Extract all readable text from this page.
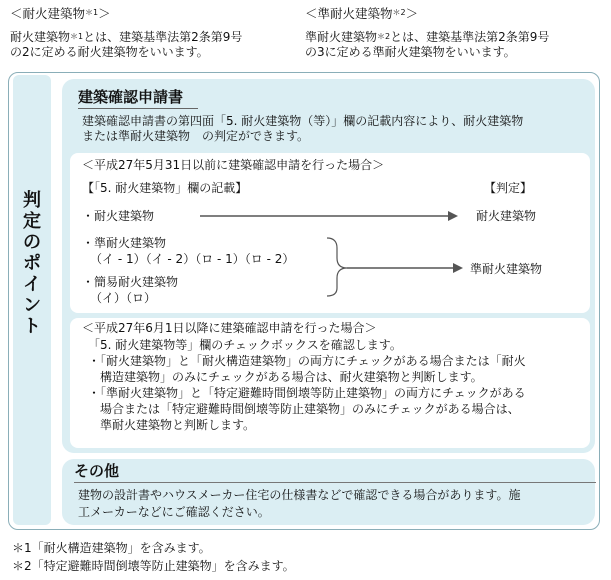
＜耐火建築物$^{*1}$＞
耐火建築物$^{*1}$とは、建築基準法第2条第9号
の2に定める耐火建築物をいいます。
＜準耐火建築物$^{*2}$＞
準耐火建築物$^{*2}$とは、建築基準法第2条第9号
の3に定める準耐火建築物をいいます。
判
定
の
ポ
イ
ン
ト
建築確認申請書
建築確認申請書の第四面「5. 耐火建築物（等）」欄の記載内容により、耐火建築物
または準耐火建築物　の判定ができます。
＜平成27年5月31日以前に建築確認申請を行った場合＞
【「5. 耐火建築物」欄の記載】	【判定】
・耐火建築物	耐火建築物
・準耐火建築物
（イ - 1）（イ - 2）（ロ - 1）（ロ - 2）
・簡易耐火建築物
（イ）（ロ）
準耐火建築物
＜平成27年6月1日以降に建築確認申請を行った場合＞
「5. 耐火建築物等」欄のチェックボックスを確認します。
・「耐火建築物」と「耐火構造建築物」の両方にチェックがある場合または「耐火
構造建築物」のみにチェックがある場合は、耐火建築物と判断します。
・「準耐火建築物」と「特定避難時間倒壊等防止建築物」の両方にチェックがある
場合または「特定避難時間倒壊等防止建築物」のみにチェックがある場合は、
準耐火建築物と判断します。
その他
建物の設計書やハウスメーカー住宅の仕様書などで確認できる場合があります。施
工メーカーなどにご確認ください。
＊1「耐火構造建築物」を含みます。
＊2「特定避難時間倒壊等防止建築物」を含みます。
